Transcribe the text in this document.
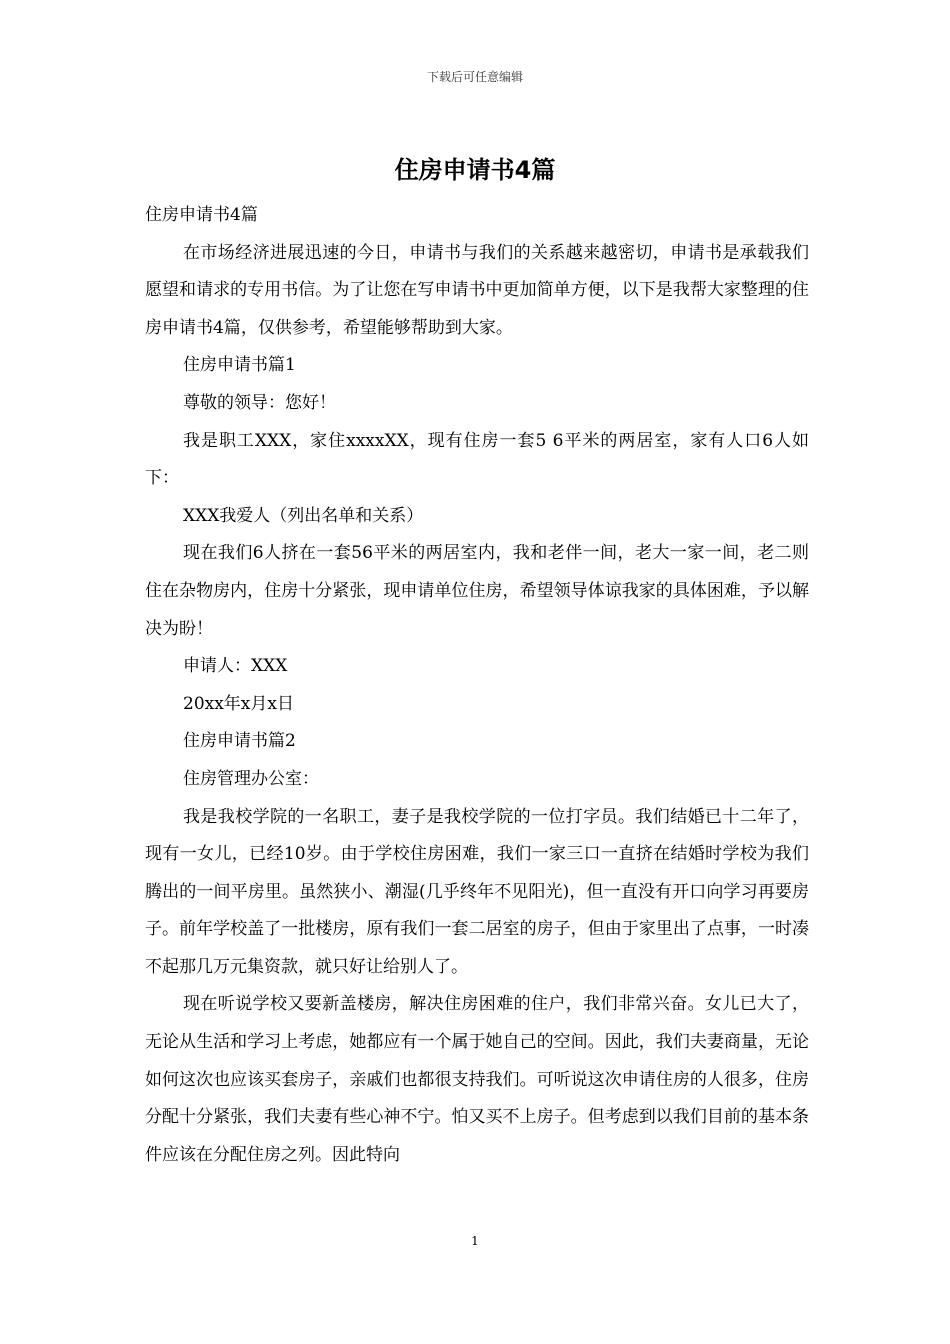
下载后可任意编辑
住房申请书4篇

住房申请书4篇

在市场经济进展迅速的今日，申请书与我们的关系越来越密切，申请书是承载我们愿望和请求的专用书信。为了让您在写申请书中更加简单方便，以下是我帮大家整理的住房申请书4篇，仅供参考，希望能够帮助到大家。

住房申请书篇1

尊敬的领导：您好！

我是职工XXX，家住xxxxXX，现有住房一套5 6平米的两居室，家有人口6人如下：

XXX我爱人（列出名单和关系）

现在我们6人挤在一套56平米的两居室内，我和老伴一间，老大一家一间，老二则住在杂物房内，住房十分紧张，现申请单位住房，希望领导体谅我家的具体困难，予以解决为盼！

申请人：XXX

20xx年x月x日

住房申请书篇2

住房管理办公室：

我是我校学院的一名职工，妻子是我校学院的一位打字员。我们结婚已十二年了，现有一女儿，已经10岁。由于学校住房困难，我们一家三口一直挤在结婚时学校为我们腾出的一间平房里。虽然狭小、潮湿(几乎终年不见阳光)，但一直没有开口向学习再要房子。前年学校盖了一批楼房，原有我们一套二居室的房子，但由于家里出了点事，一时凑不起那几万元集资款，就只好让给别人了。

现在听说学校又要新盖楼房，解决住房困难的住户，我们非常兴奋。女儿已大了，无论从生活和学习上考虑，她都应有一个属于她自己的空间。因此，我们夫妻商量，无论如何这次也应该买套房子，亲戚们也都很支持我们。可听说这次申请住房的人很多，住房分配十分紧张，我们夫妻有些心神不宁。怕又买不上房子。但考虑到以我们目前的基本条件应该在分配住房之列。因此特向

1
